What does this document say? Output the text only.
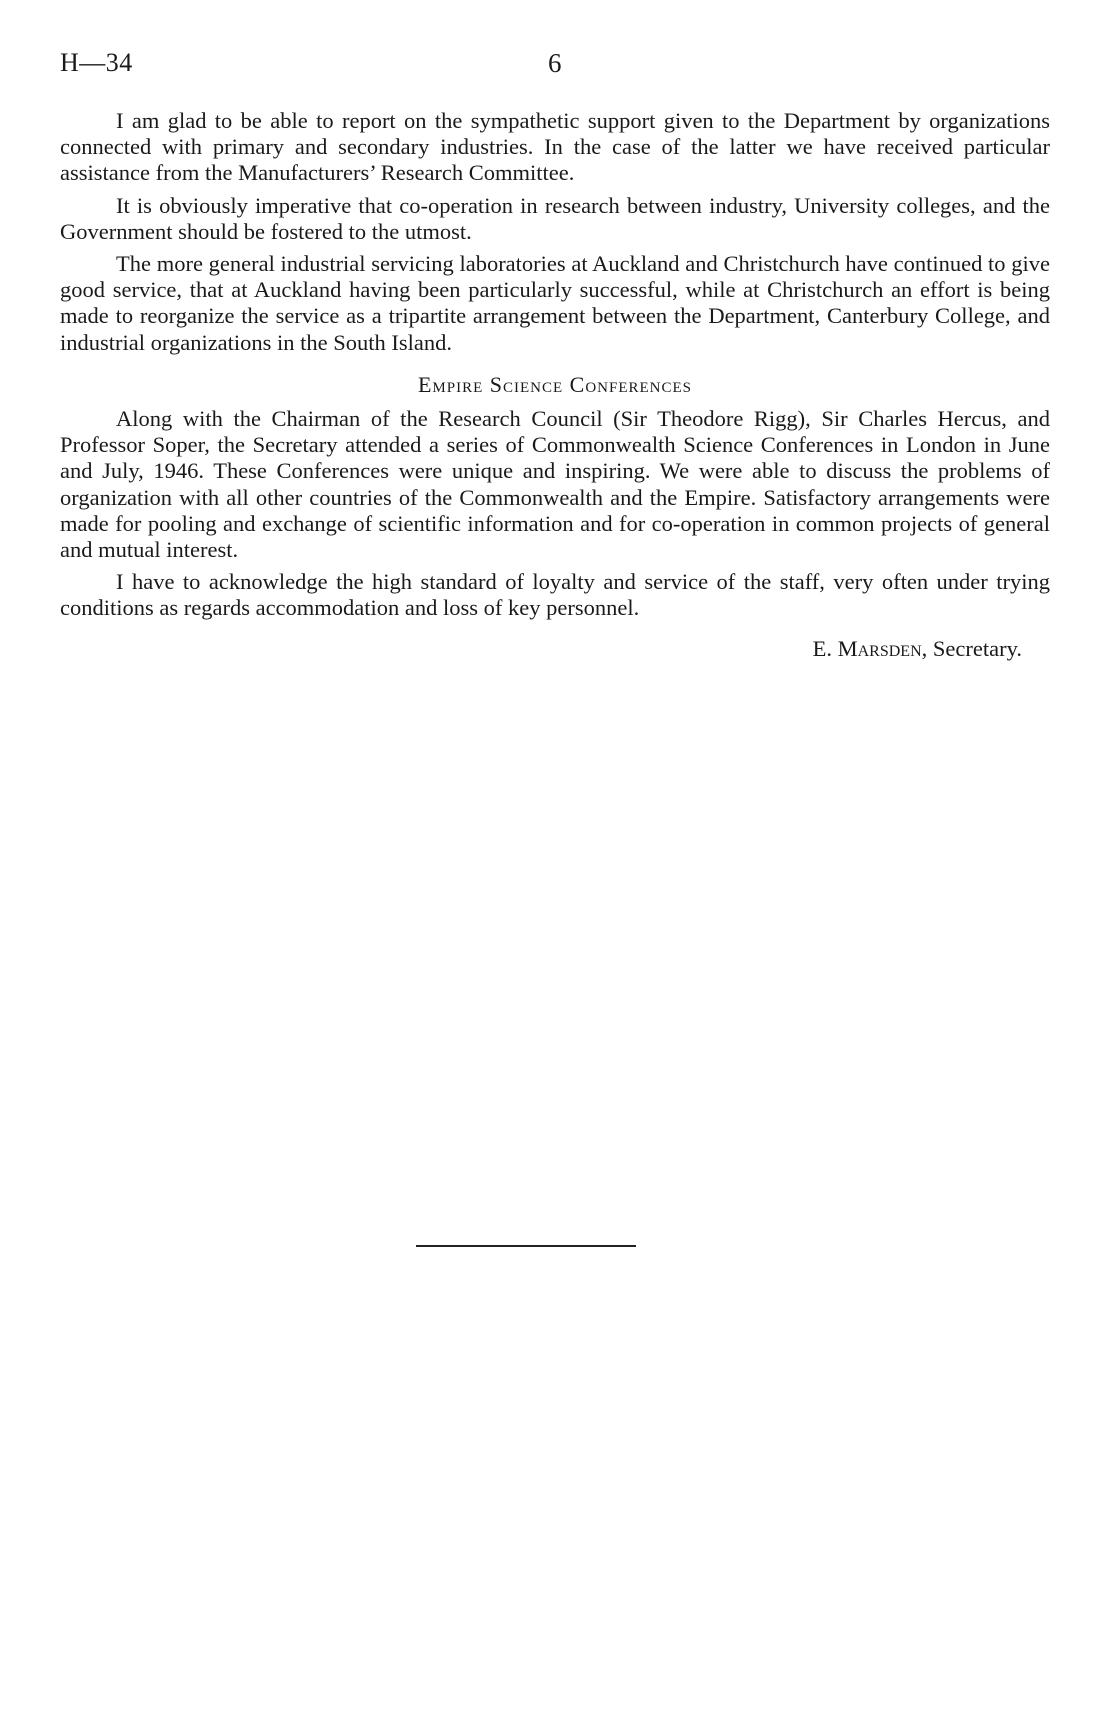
H—34	6

I am glad to be able to report on the sympathetic support given to the Department by organizations connected with primary and secondary industries. In the case of the latter we have received particular assistance from the Manufacturers’ Research Committee.

It is obviously imperative that co-operation in research between industry, University colleges, and the Government should be fostered to the utmost.

The more general industrial servicing laboratories at Auckland and Christchurch have continued to give good service, that at Auckland having been particularly successful, while at Christchurch an effort is being made to reorganize the service as a tripartite arrangement between the Department, Canterbury College, and industrial organizations in the South Island.

Empire Science Conferences

Along with the Chairman of the Research Council (Sir Theodore Rigg), Sir Charles Hercus, and Professor Soper, the Secretary attended a series of Commonwealth Science Conferences in London in June and July, 1946. These Conferences were unique and inspiring. We were able to discuss the problems of organization with all other countries of the Commonwealth and the Empire. Satisfactory arrangements were made for pooling and exchange of scientific information and for co-operation in common projects of general and mutual interest.

I have to acknowledge the high standard of loyalty and service of the staff, very often under trying conditions as regards accommodation and loss of key personnel.

E. Marsden, Secretary.
